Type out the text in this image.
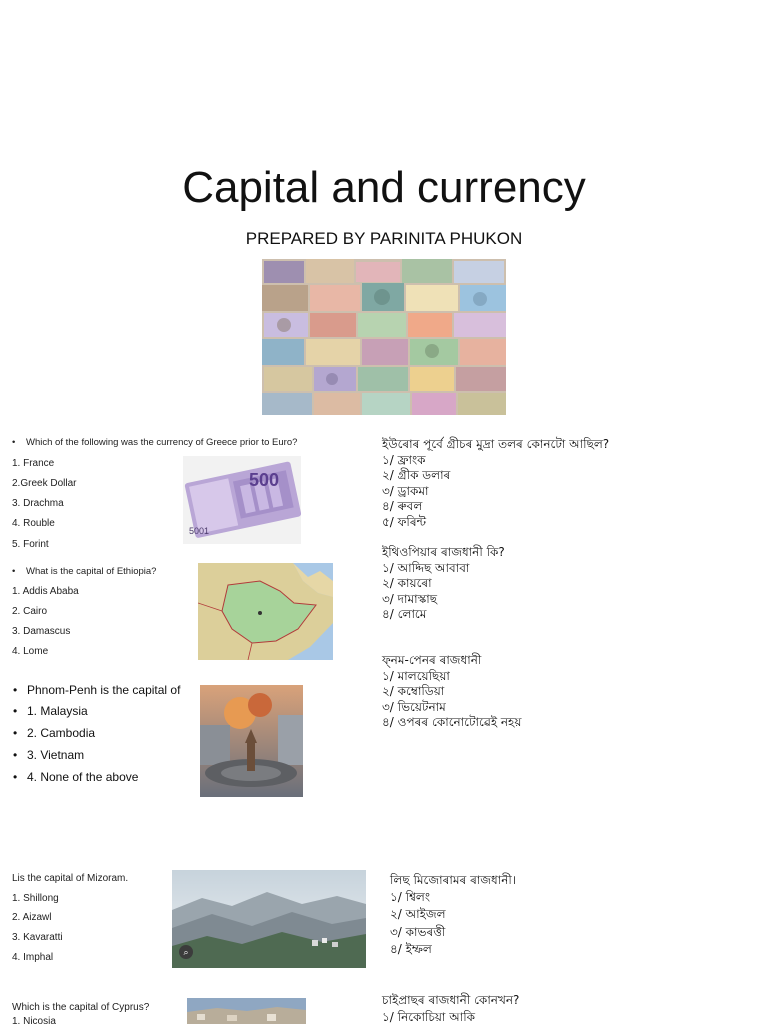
Capital and currency
PREPARED BY PARINITA PHUKON
• Which of the following was the currency of Greece prior to Euro?
1. France
2.Greek Dollar
3. Drachma
4. Rouble
5. Forint
500
5001
ইউৰোৰ পূৰ্বে গ্ৰীচৰ মুদ্ৰা তলৰ কোনটো আছিল?
১/ ফ্ৰাংক
২/ গ্ৰীক ডলাৰ
৩/ ড্ৰাকমা
৪/ ৰুবল
৫/ ফৰিন্ট
• What is the capital of Ethiopia?
1. Addis Ababa
2. Cairo
3. Damascus
4. Lome
ইথিওপিয়াৰ ৰাজধানী কি?
১/ আদ্দিছ আবাবা
২/ কায়ৰো
৩/ দামাস্কাছ
৪/ লোমে
• Phnom-Penh is the capital of
• 1. Malaysia
• 2. Cambodia
• 3. Vietnam
• 4. None of the above
ফ্নম-পেনৰ ৰাজধানী
১/ মালয়েছিয়া
২/ কম্বোডিয়া
৩/ ভিয়েটনাম
৪/ ওপৰৰ কোনোটোৱেই নহয়
Lis the capital of Mizoram.
1. Shillong
2. Aizawl
3. Kavaratti
4. Imphal	⌕
লিছ মিজোৰামৰ ৰাজধানী।
১/ শ্বিলং
২/ আইজল
৩/ কাভৰত্তী
৪/ ইম্ফল
Which is the capital of Cyprus?
1. Nicosia
চাইপ্ৰাছৰ ৰাজধানী কোনখন?
১/ নিকোচিয়া আকি
